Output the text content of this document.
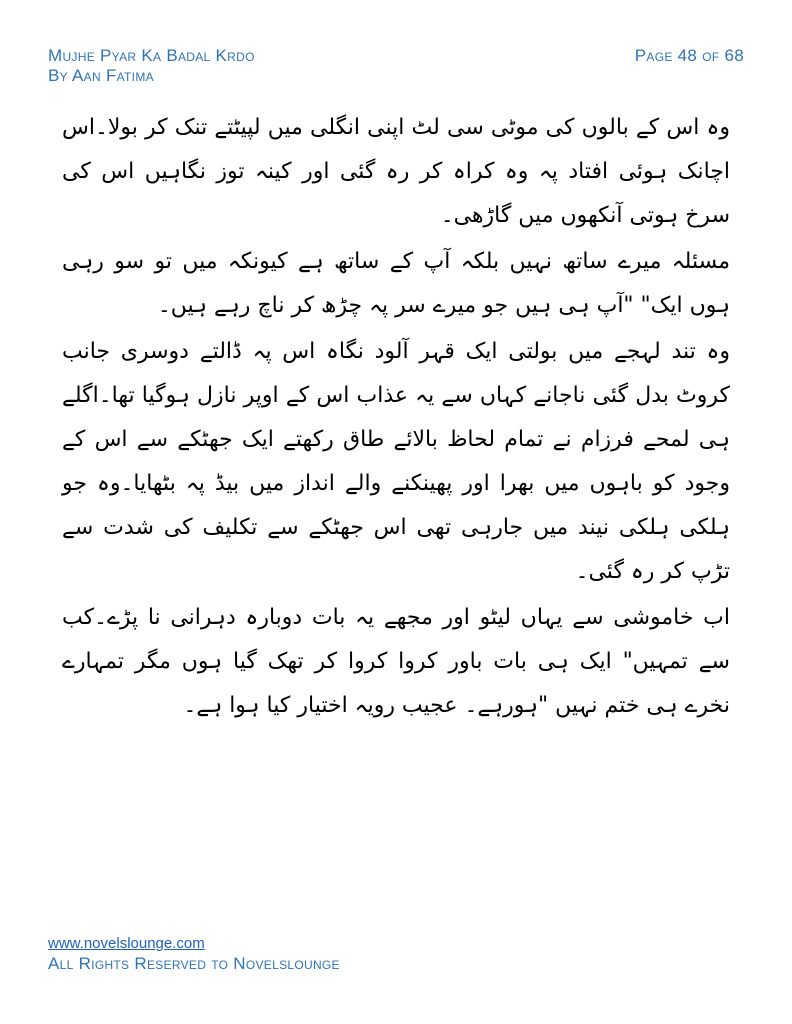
Mujhe Pyar Ka Badal Krdo
By Aan Fatima
Page 48 of 68

وہ اس کے بالوں کی موٹی سی لٹ اپنی انگلی میں لپیٹتے تنک کر بولا۔اس اچانک ہوئی افتاد پہ وہ کراہ کر رہ گئی اور کینہ توز نگاہیں اس کی سرخ ہوتی آنکھوں میں گاڑھی۔

مسئلہ میرے ساتھ نہیں بلکہ آپ کے ساتھ ہے کیونکہ میں تو سو رہی ہوں ایک" "آپ ہی ہیں جو میرے سر پہ چڑھ کر ناچ رہے ہیں۔

وہ تند لہجے میں بولتی ایک قہر آلود نگاہ اس پہ ڈالتے دوسری جانب کروٹ بدل گئی ناجانے کہاں سے یہ عذاب اس کے اوپر نازل ہوگیا تھا۔اگلے ہی لمحے فرزام نے تمام لحاظ بالائے طاق رکھتے ایک جھٹکے سے اس کے وجود کو باہوں میں بھرا اور پھینکنے والے انداز میں بیڈ پہ بٹھایا۔وہ جو ہلکی ہلکی نیند میں جارہی تھی اس جھٹکے سے تکلیف کی شدت سے تڑپ کر رہ گئی۔

اب خاموشی سے یہاں لیٹو اور مجھے یہ بات دوبارہ دہرانی نا پڑے۔کب سے تمہیں" ایک ہی بات باور کروا کروا کر تھک گیا ہوں مگر تمہارے نخرے ہی ختم نہیں "ہورہے۔ عجیب رویہ اختیار کیا ہوا ہے۔

www.novelslounge.com
All Rights Reserved to Novelslounge
